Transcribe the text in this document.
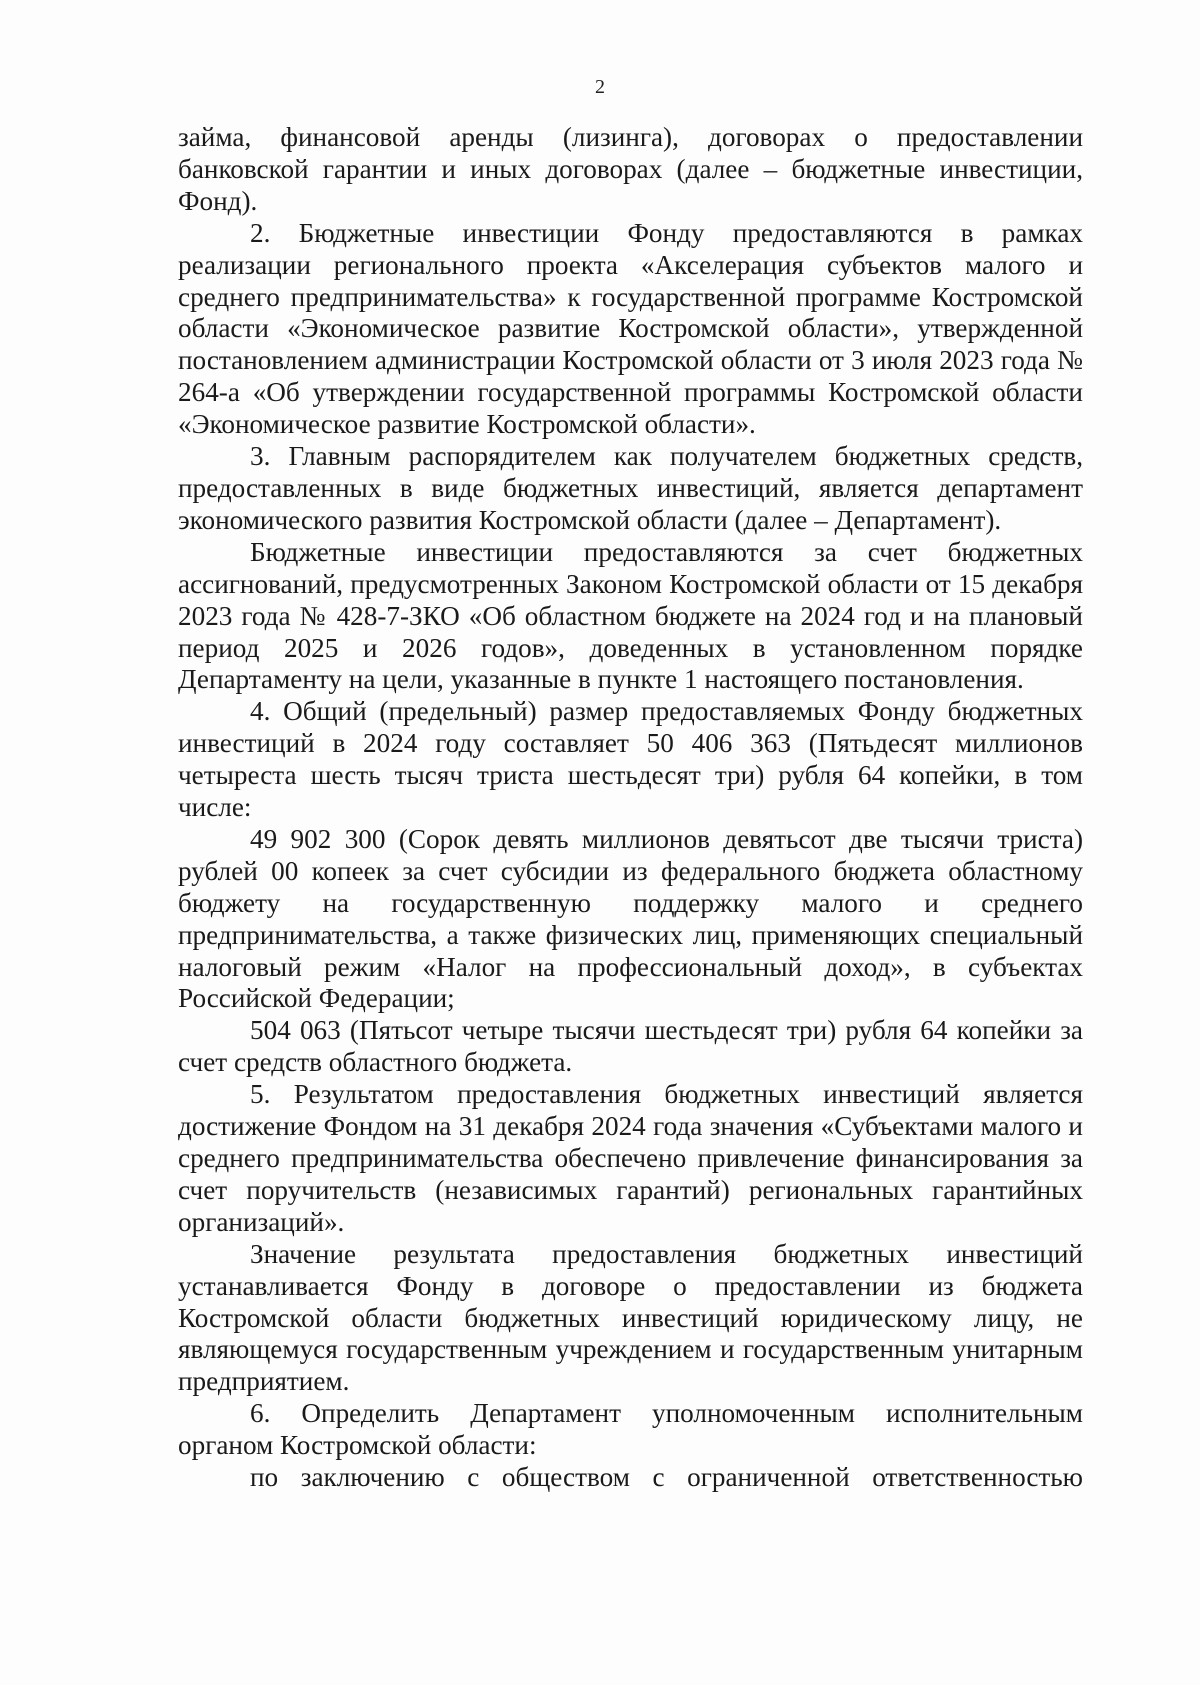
2

займа, финансовой аренды (лизинга), договорах о предоставлении банковской гарантии и иных договорах (далее – бюджетные инвестиции, Фонд).

2. Бюджетные инвестиции Фонду предоставляются в рамках реализации регионального проекта «Акселерация субъектов малого и среднего предпринимательства» к государственной программе Костромской области «Экономическое развитие Костромской области», утвержденной постановлением администрации Костромской области от 3 июля 2023 года № 264-а «Об утверждении государственной программы Костромской области «Экономическое развитие Костромской области».

3. Главным распорядителем как получателем бюджетных средств, предоставленных в виде бюджетных инвестиций, является департамент экономического развития Костромской области (далее – Департамент).

Бюджетные инвестиции предоставляются за счет бюджетных ассигнований, предусмотренных Законом Костромской области от 15 декабря 2023 года № 428-7-ЗКО «Об областном бюджете на 2024 год и на плановый период 2025 и 2026 годов», доведенных в установленном порядке Департаменту на цели, указанные в пункте 1 настоящего постановления.

4. Общий (предельный) размер предоставляемых Фонду бюджетных инвестиций в 2024 году составляет 50 406 363 (Пятьдесят миллионов четыреста шесть тысяч триста шестьдесят три) рубля 64 копейки, в том числе:

49 902 300 (Сорок девять миллионов девятьсот две тысячи триста) рублей 00 копеек за счет субсидии из федерального бюджета областному бюджету на государственную поддержку малого и среднего предпринимательства, а также физических лиц, применяющих специальный налоговый режим «Налог на профессиональный доход», в субъектах Российской Федерации;

504 063 (Пятьсот четыре тысячи шестьдесят три) рубля 64 копейки за счет средств областного бюджета.

5. Результатом предоставления бюджетных инвестиций является достижение Фондом на 31 декабря 2024 года значения «Субъектами малого и среднего предпринимательства обеспечено привлечение финансирования за счет поручительств (независимых гарантий) региональных гарантийных организаций».

Значение результата предоставления бюджетных инвестиций устанавливается Фонду в договоре о предоставлении из бюджета Костромской области бюджетных инвестиций юридическому лицу, не являющемуся государственным учреждением и государственным унитарным предприятием.

6. Определить Департамент уполномоченным исполнительным органом Костромской области:

по заключению с обществом с ограниченной ответственностью
